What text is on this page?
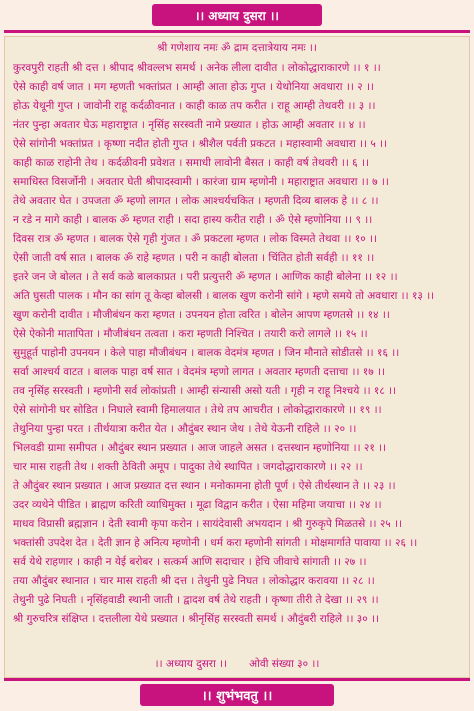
।। अध्याय दुसरा ।।
श्री गणेशाय नमः ॐ द्राम दत्तात्रेयाय नमः ।।
कुरवपुरी राहती श्री दत्त । श्रीपाद श्रीवल्लभ समर्थ । अनेक लीला दावीत । लोकोद्धाराकारणे ।। १ ।।
ऐसे काही वर्ष जात । मग म्हणती भक्तांप्रत । आम्ही आता होऊ गुप्त । येथोनिया अवधारा ।। २ ।।
होऊ येथूनी गुप्त । जावोनी राहू कर्दळीवनात । काही काळ तप करीत । राहू आम्ही तेथवरी ।। ३ ।।
नंतर पुन्हा अवतार घेऊ महाराष्ट्रात । नृसिंह सरस्वती नामे प्रख्यात । होऊ आम्ही अवतार ।। ४ ।।
ऐसे सांगोनी भक्तांप्रत । कृष्णा नदीत होती गुप्त । श्रीशैल पर्वती प्रकटत । महास्वामी अवधारा ।। ५ ।।
काही काळ राहोनी तेथ । कर्दळीवनी प्रवेशत । समाधी लावोनी बैसत । काही वर्ष तेथवरी ।। ६ ।।
समाधिस्त विसर्जोनी । अवतार घेती श्रीपादस्वामी । कारंजा ग्राम म्हणोनी । महाराष्ट्रात अवधारा ।। ७ ।।
तेथे अवतार घेत । उपजता ॐ म्हणो लागत । लोक आश्चर्यचकित । म्हणती दिव्य बालक हे ।। ८ ।।
न रडे न मागे काही । बालक ॐ म्हणत राही । सदा हास्य करीत राही । ॐ ऐसे म्हणोनिया ।। ९ ।।
दिवस रात्र ॐ म्हणत । बालक ऐसे गृही गुंजत । ॐ प्रकटला म्हणत । लोक विस्मते तेथवा ।। १० ।।
ऐसी जाती वर्ष सात । बालक ॐ राहे म्हणत । परी न काही बोलता । चिंतित होती सर्वही ।। ११ ।।
इतरे जन जे बोलत । ते सर्व कळे बालकाप्रत । परी प्रत्युत्तरी ॐ म्हणत । आणिक काही बोलेना ।। १२ ।।
अति घुसती पालक । मौन का सांग तू केव्हा बोलसी । बालक खुण करोनी सांगे । म्हणे समये तो अवधारा ।। १३ ।।
खुण करोनी दावीत । मौजीबंधन करा म्हणत । उपनयन होता त्वरित । बोलेन आपण म्हणतसे ।। १४ ।।
ऐसे ऐकोनी मातापिता । मौजीबंधन तत्वता । करा म्हणती निश्चित । तयारी करो लागले ।। १५ ।।
सुमुहूर्त पाहोनी उपनयन । केले पाहा मौजीबंधन । बालक वेदमंत्र म्हणत । जिन मौनाते सोडीतसे ।। १६ ।।
सर्वा आश्चर्य वाटत । बालक पाहा वर्ष सात । वेदमंत्र म्हणो लागत । अवतार म्हणती दत्ताचा ।। १७ ।।
तव नृसिंह सरस्वती । म्हणोनी सर्व लोकांप्रती । आम्ही संन्यासी असो यती । गृही न राहू निश्चये ।। १८ ।।
ऐसे सांगोनी घर सोडित । निघाले स्वामी हिमालयात । तेथे तप आचरीत । लोकोद्धाराकारणे ।। १९ ।।
तेथुनिया पुन्हा परत । तीर्थयात्रा करीत येत । औदुंबर स्थान जेथ । तेथे येऊनी राहिले ।। २० ।।
भिलवडी ग्रामा समीपत । औदुंबर स्थान प्रख्यात । आज जाहले असत । दत्तस्थान म्हणोनिया ।। २१ ।।
चार मास राहती तेथ । शक्ती ठेविती अमूप । पादुका तेथे स्थापित । जगदोद्धाराकारणे ।। २२ ।।
ते औदुंबर स्थान प्रख्यात । आज प्रख्यात दत्त स्थान । मनोकामना होती पूर्ण । ऐसे तीर्थस्थान ते ।। २३ ।।
उदर व्यथेने पीडित । ब्राह्मण करिती व्याधिमुक्त । मूढा विद्वान करीत । ऐसा महिमा जयाचा ।। २४ ।।
माधव विप्रासी ब्रह्मज्ञान । देती स्वामी कृपा करोन । सायंदेवासी अभयदान । श्री गुरुकृपे मिळतसे ।। २५ ।।
भक्तांसी उपदेश देत । देती ज्ञान हे अनित्य म्हणोनी । धर्म करा म्हणोनी सांगती । मोक्षमार्गाते पावाया ।। २६ ।।
सर्व येथे राहणार । काही न येई बरोबर । सत्कर्म आणि सदाचार । हेचि जीवाचे सांगाती ।। २७ ।।
तया औदुंबर स्थानात । चार मास राहती श्री दत्त । तेथुनी पुढे निघत । लोकोद्धार करावया ।। २८ ।।
तेथुनी पुढे निघती । नृसिंहवाडी स्थानी जाती । द्वादश वर्ष तेथे राहती । कृष्णा तीरी ते देखा ।। २९ ।।
श्री गुरुचरित्र संक्षिप्त । दत्तलीला येथे प्रख्यात । श्रीनृसिंह सरस्वती समर्थ । औदुंबरी राहिले ।। ३० ।।
।। अध्याय दुसरा ।। ओवी संख्या ३० ।।
।। शुभंभवतु ।।
